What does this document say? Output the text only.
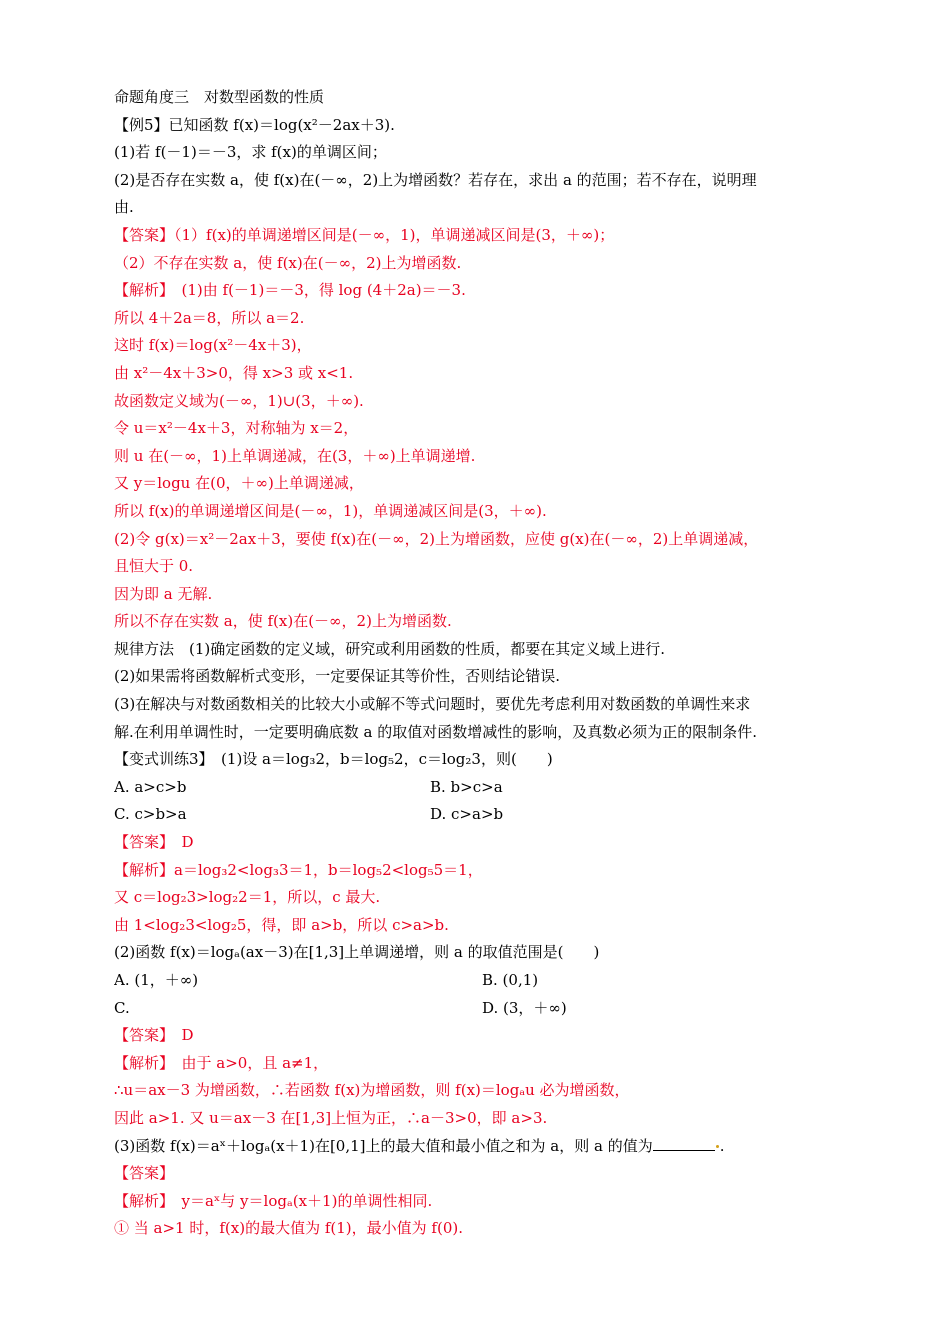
命题角度三　对数型函数的性质
【例5】已知函数 f(x)＝log(x²－2ax＋3).
(1)若 f(－1)＝－3，求 f(x)的单调区间；
(2)是否存在实数 a，使 f(x)在(－∞，2)上为增函数？若存在，求出 a 的范围；若不存在，说明理
由.
【答案】（1）f(x)的单调递增区间是(－∞，1)，单调递减区间是(3，＋∞)；
（2）不存在实数 a，使 f(x)在(－∞，2)上为增函数.
【解析】　(1)由 f(－1)＝－3，得 log (4＋2a)＝－3.
所以 4＋2a＝8，所以 a＝2.
这时 f(x)＝log(x²－4x＋3)，
由 x²－4x＋3>0，得 x>3 或 x<1.
故函数定义域为(－∞，1)∪(3，＋∞).
令 u＝x²－4x＋3，对称轴为 x＝2，
则 u 在(－∞，1)上单调递减，在(3，＋∞)上单调递增.
又 y＝logu 在(0，＋∞)上单调递减，
所以 f(x)的单调递增区间是(－∞，1)，单调递减区间是(3，＋∞).
(2)令 g(x)＝x²－2ax＋3，要使 f(x)在(－∞，2)上为增函数，应使 g(x)在(－∞，2)上单调递减，
且恒大于 0.
因为即 a 无解.
所以不存在实数 a，使 f(x)在(－∞，2)上为增函数.
规律方法　(1)确定函数的定义域，研究或利用函数的性质，都要在其定义域上进行.
(2)如果需将函数解析式变形，一定要保证其等价性，否则结论错误.
(3)在解决与对数函数相关的比较大小或解不等式问题时，要优先考虑利用对数函数的单调性来求
解.在利用单调性时，一定要明确底数 a 的取值对函数增减性的影响，及真数必须为正的限制条件.
【变式训练3】　(1)设 a＝log₃2，b＝log₅2，c＝log₂3，则(　　)
A. a>c>b	B. b>c>a
C. c>b>a	D. c>a>b
【答案】　D
【解析】a＝log₃2<log₃3＝1，b＝log₅2<log₅5＝1，
又 c＝log₂3>log₂2＝1，所以，c 最大.
由 1<log₂3<log₂5，得，即 a>b，所以 c>a>b.
(2)函数 f(x)＝logₐ(ax－3)在[1,3]上单调递增，则 a 的取值范围是(　　)
A. (1，＋∞)	B. (0,1)
C.	D. (3，＋∞)
【答案】　D
【解析】　由于 a>0，且 a≠1，
∴u＝ax－3 为增函数，∴若函数 f(x)为增函数，则 f(x)＝logₐu 必为增函数，
因此 a>1. 又 u＝ax－3 在[1,3]上恒为正，∴a－3>0，即 a>3.
(3)函数 f(x)＝aˣ＋logₐ(x＋1)在[0,1]上的最大值和最小值之和为 a，则 a 的值为	.
【答案】
【解析】　y＝aˣ与 y＝logₐ(x＋1)的单调性相同.
① 当 a>1 时，f(x)的最大值为 f(1)，最小值为 f(0).
